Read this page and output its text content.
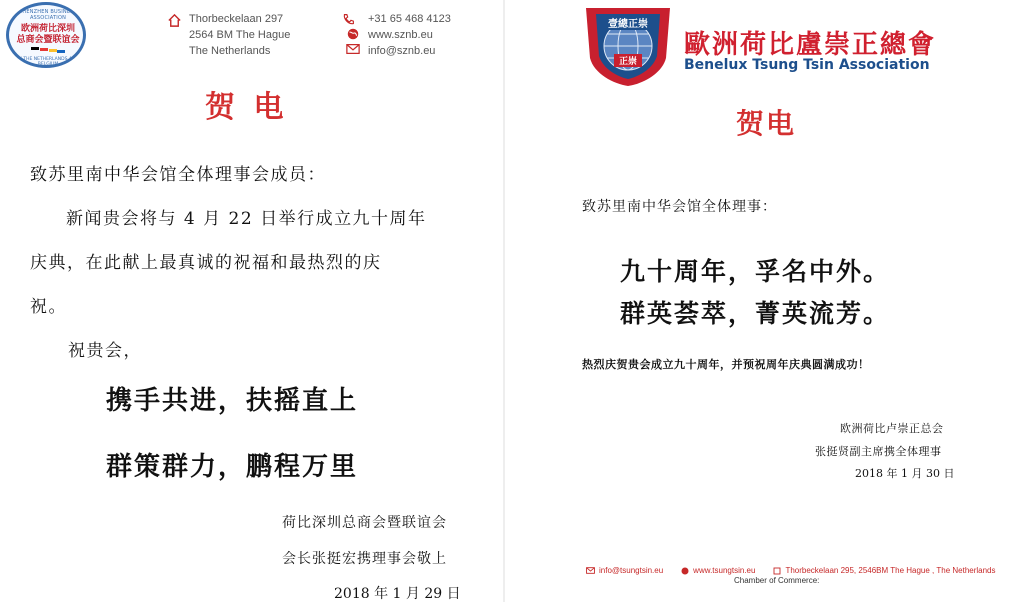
SHENZHEN BUSINESS ASSOCIATION
欧洲荷比深圳
总商会暨联谊会
IN THE NETHERLANDS AND BELGIUM
Thorbeckelaan 297
2564 BM The Hague
The Netherlands
+31 65 468 4123
www.sznb.eu
info@sznb.eu
贺 电
致苏里南中华会馆全体理事会成员：
新闻贵会将与 4 月 22 日举行成立九十周年
庆典，在此献上最真诚的祝福和最热烈的庆
祝。
祝贵会，
携手共进，扶摇直上
群策群力，鹏程万里
荷比深圳总商会暨联谊会
会长张挺宏携理事会敬上
2018 年 1 月 29 日
壹總正崇
正崇
歐洲荷比盧崇正總會
Benelux Tsung Tsin Association
贺电
致苏里南中华会馆全体理事：
九十周年，孚名中外。
群英荟萃，菁英流芳。
热烈庆贺贵会成立九十周年，并预祝周年庆典圆满成功！
欧洲荷比卢崇正总会
张挺贤副主席携全体理事
2018 年 1 月 30 日
info@tsungtsin.eu	www.tsungtsin.eu	Thorbeckelaan 295, 2546BM The Hague , The Netherlands
Chamber of Commerce:
